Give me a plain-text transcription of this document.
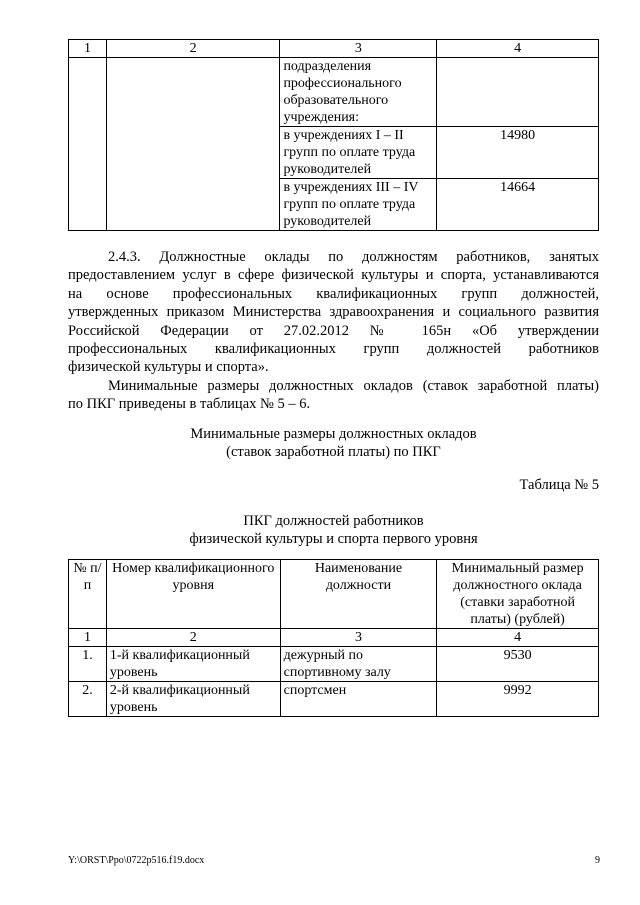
1	2	3	4
		подразделения профессионального образовательного учреждения:	
		в учреждениях I – II групп по оплате труда руководителей	14980
		в учреждениях III – IV групп по оплате труда руководителей	14664
2.4.3. Должностные оклады по должностям работников, занятых
предоставлением услуг в сфере физической культуры и спорта, устанавливаются
на основе профессиональных квалификационных групп должностей,
утвержденных приказом Министерства здравоохранения и социального развития
Российской Федерации от 27.02.2012 № 165н «Об утверждении
профессиональных квалификационных групп должностей работников
физической культуры и спорта».
Минимальные размеры должностных окладов (ставок заработной платы)
по ПКГ приведены в таблицах № 5 – 6.
Минимальные размеры должностных окладов
(ставок заработной платы) по ПКГ
Таблица № 5
ПКГ должностей работников
физической культуры и спорта первого уровня
№ п/п	Номер квалификационного уровня	Наименование должности	Минимальный размер должностного оклада (ставки заработной платы) (рублей)
1	2	3	4
1.	1-й квалификационный уровень	дежурный по спортивному залу	9530
2.	2-й квалификационный уровень	спортсмен	9992
Y:\ORST\Ppo\0722p516.f19.docx	9
